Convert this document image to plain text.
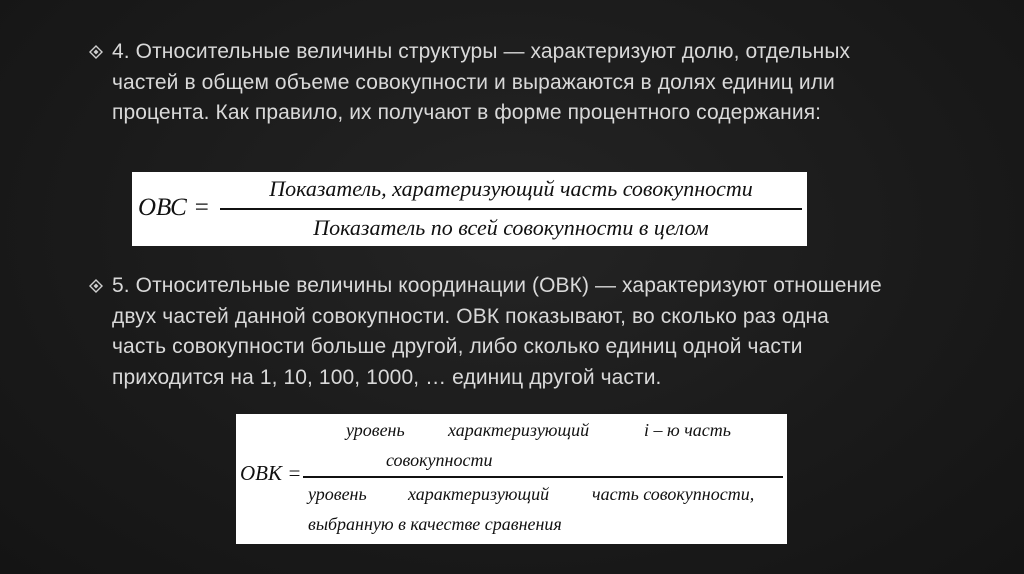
4. Относительные величины структуры — характеризуют долю, отдельных частей в общем объеме совокупности и выражаются в долях единиц или процента. Как правило, их получают в форме процентного содержания:
ОВС =
Показатель, харатеризующий часть совокупности
Показатель по всей совокупности в целом
5. Относительные величины координации (ОВК) — характеризуют отношение двух частей данной совокупности. ОВК показывают, во сколько раз одна часть совокупности больше другой, либо сколько единиц одной части приходится на 1, 10, 100, 1000, … единиц другой части.
ОВК =
уровень характеризующий	i – ю часть
совокупности
уровень характеризующий часть совокупности,
выбранную в качестве сравнения
